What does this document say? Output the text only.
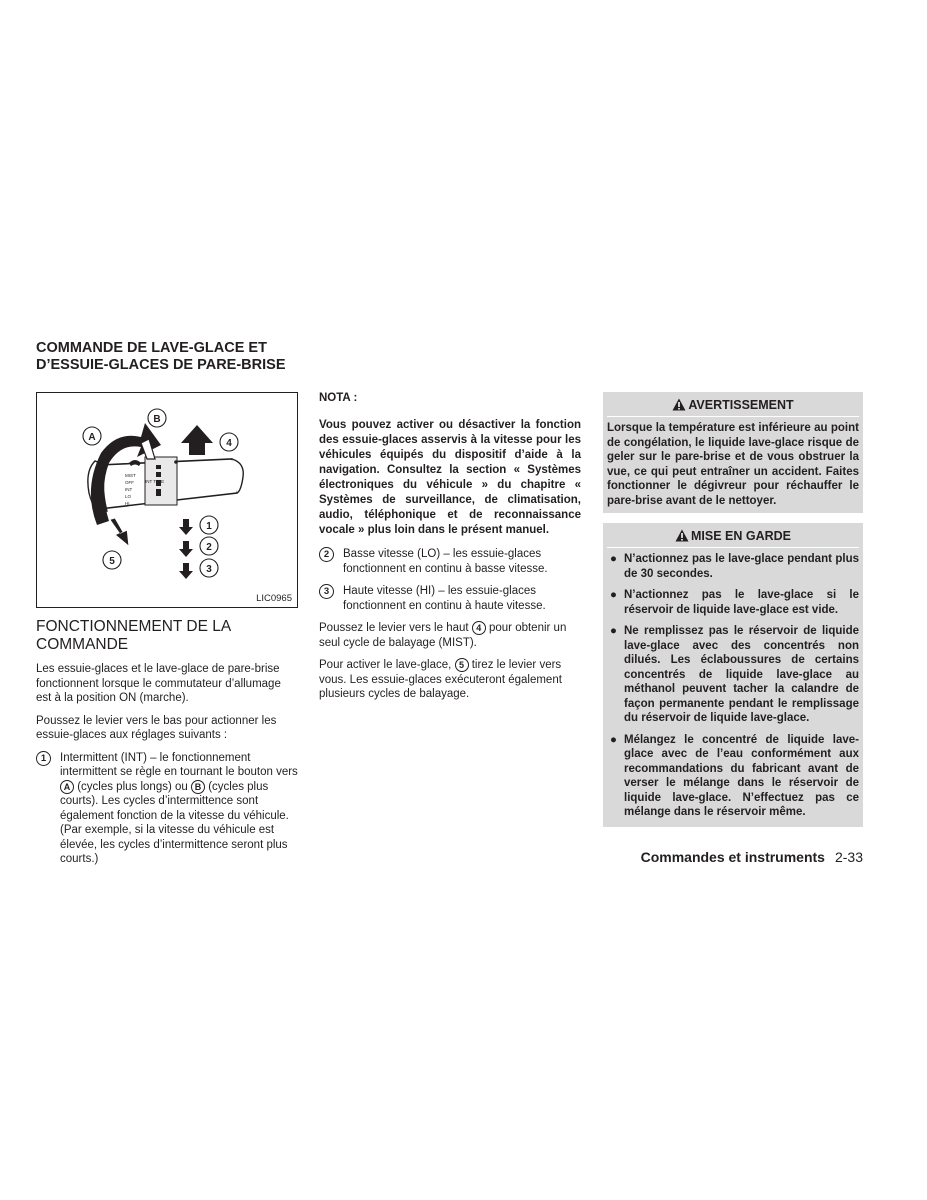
COMMANDE DE LAVE-GLACE ET D’ESSUIE-GLACES DE PARE-BRISE
MIST
OFF
INT
LO
HI
INT TIME
B
A
4
1
2
3
5
LIC0965
FONCTIONNEMENT DE LA COMMANDE

Les essuie-glaces et le lave-glace de pare-brise fonctionnent lorsque le commutateur d’allumage est à la position ON (marche).

Poussez le levier vers le bas pour actionner les essuie-glaces aux réglages suivants :

1	Intermittent (INT) – le fonctionnement intermittent se règle en tournant le bouton vers A (cycles plus longs) ou B (cycles plus courts). Les cycles d’intermittence sont également fonction de la vitesse du véhicule. (Par exemple, si la vitesse du véhicule est élevée, les cycles d’intermittence seront plus courts.)
NOTA :

Vous pouvez activer ou désactiver la fonction des essuie-glaces asservis à la vitesse pour les véhicules équipés du dispositif d’aide à la navigation. Consultez la section « Systèmes électroniques du véhicule » du chapitre « Systèmes de surveillance, de climatisation, audio, téléphonique et de reconnaissance vocale » plus loin dans le présent manuel.

2	Basse vitesse (LO) – les essuie-glaces fonctionnent en continu à basse vitesse.
3	Haute vitesse (HI) – les essuie-glaces fonctionnent en continu à haute vitesse.

Poussez le levier vers le haut 4 pour obtenir un seul cycle de balayage (MIST).

Pour activer le lave-glace, 5 tirez le levier vers vous. Les essuie-glaces exécuteront également plusieurs cycles de balayage.

AVERTISSEMENT

Lorsque la température est inférieure au point de congélation, le liquide lave-glace risque de geler sur le pare-brise et de vous obstruer la vue, ce qui peut entraîner un accident. Faites fonctionner le dégivreur pour réchauffer le pare-brise avant de le nettoyer.

MISE EN GARDE
● N’actionnez pas le lave-glace pendant plus de 30 secondes.
● N’actionnez pas le lave-glace si le réservoir de liquide lave-glace est vide.
● Ne remplissez pas le réservoir de liquide lave-glace avec des concentrés non dilués. Les éclaboussures de certains concentrés de liquide lave-glace au méthanol peuvent tacher la calandre de façon permanente pendant le remplissage du réservoir de liquide lave-glace.
● Mélangez le concentré de liquide lave-glace avec de l’eau conformément aux recommandations du fabricant avant de verser le mélange dans le réservoir de liquide lave-glace. N’effectuez pas ce mélange dans le réservoir même.
Commandes et instruments 2-33
